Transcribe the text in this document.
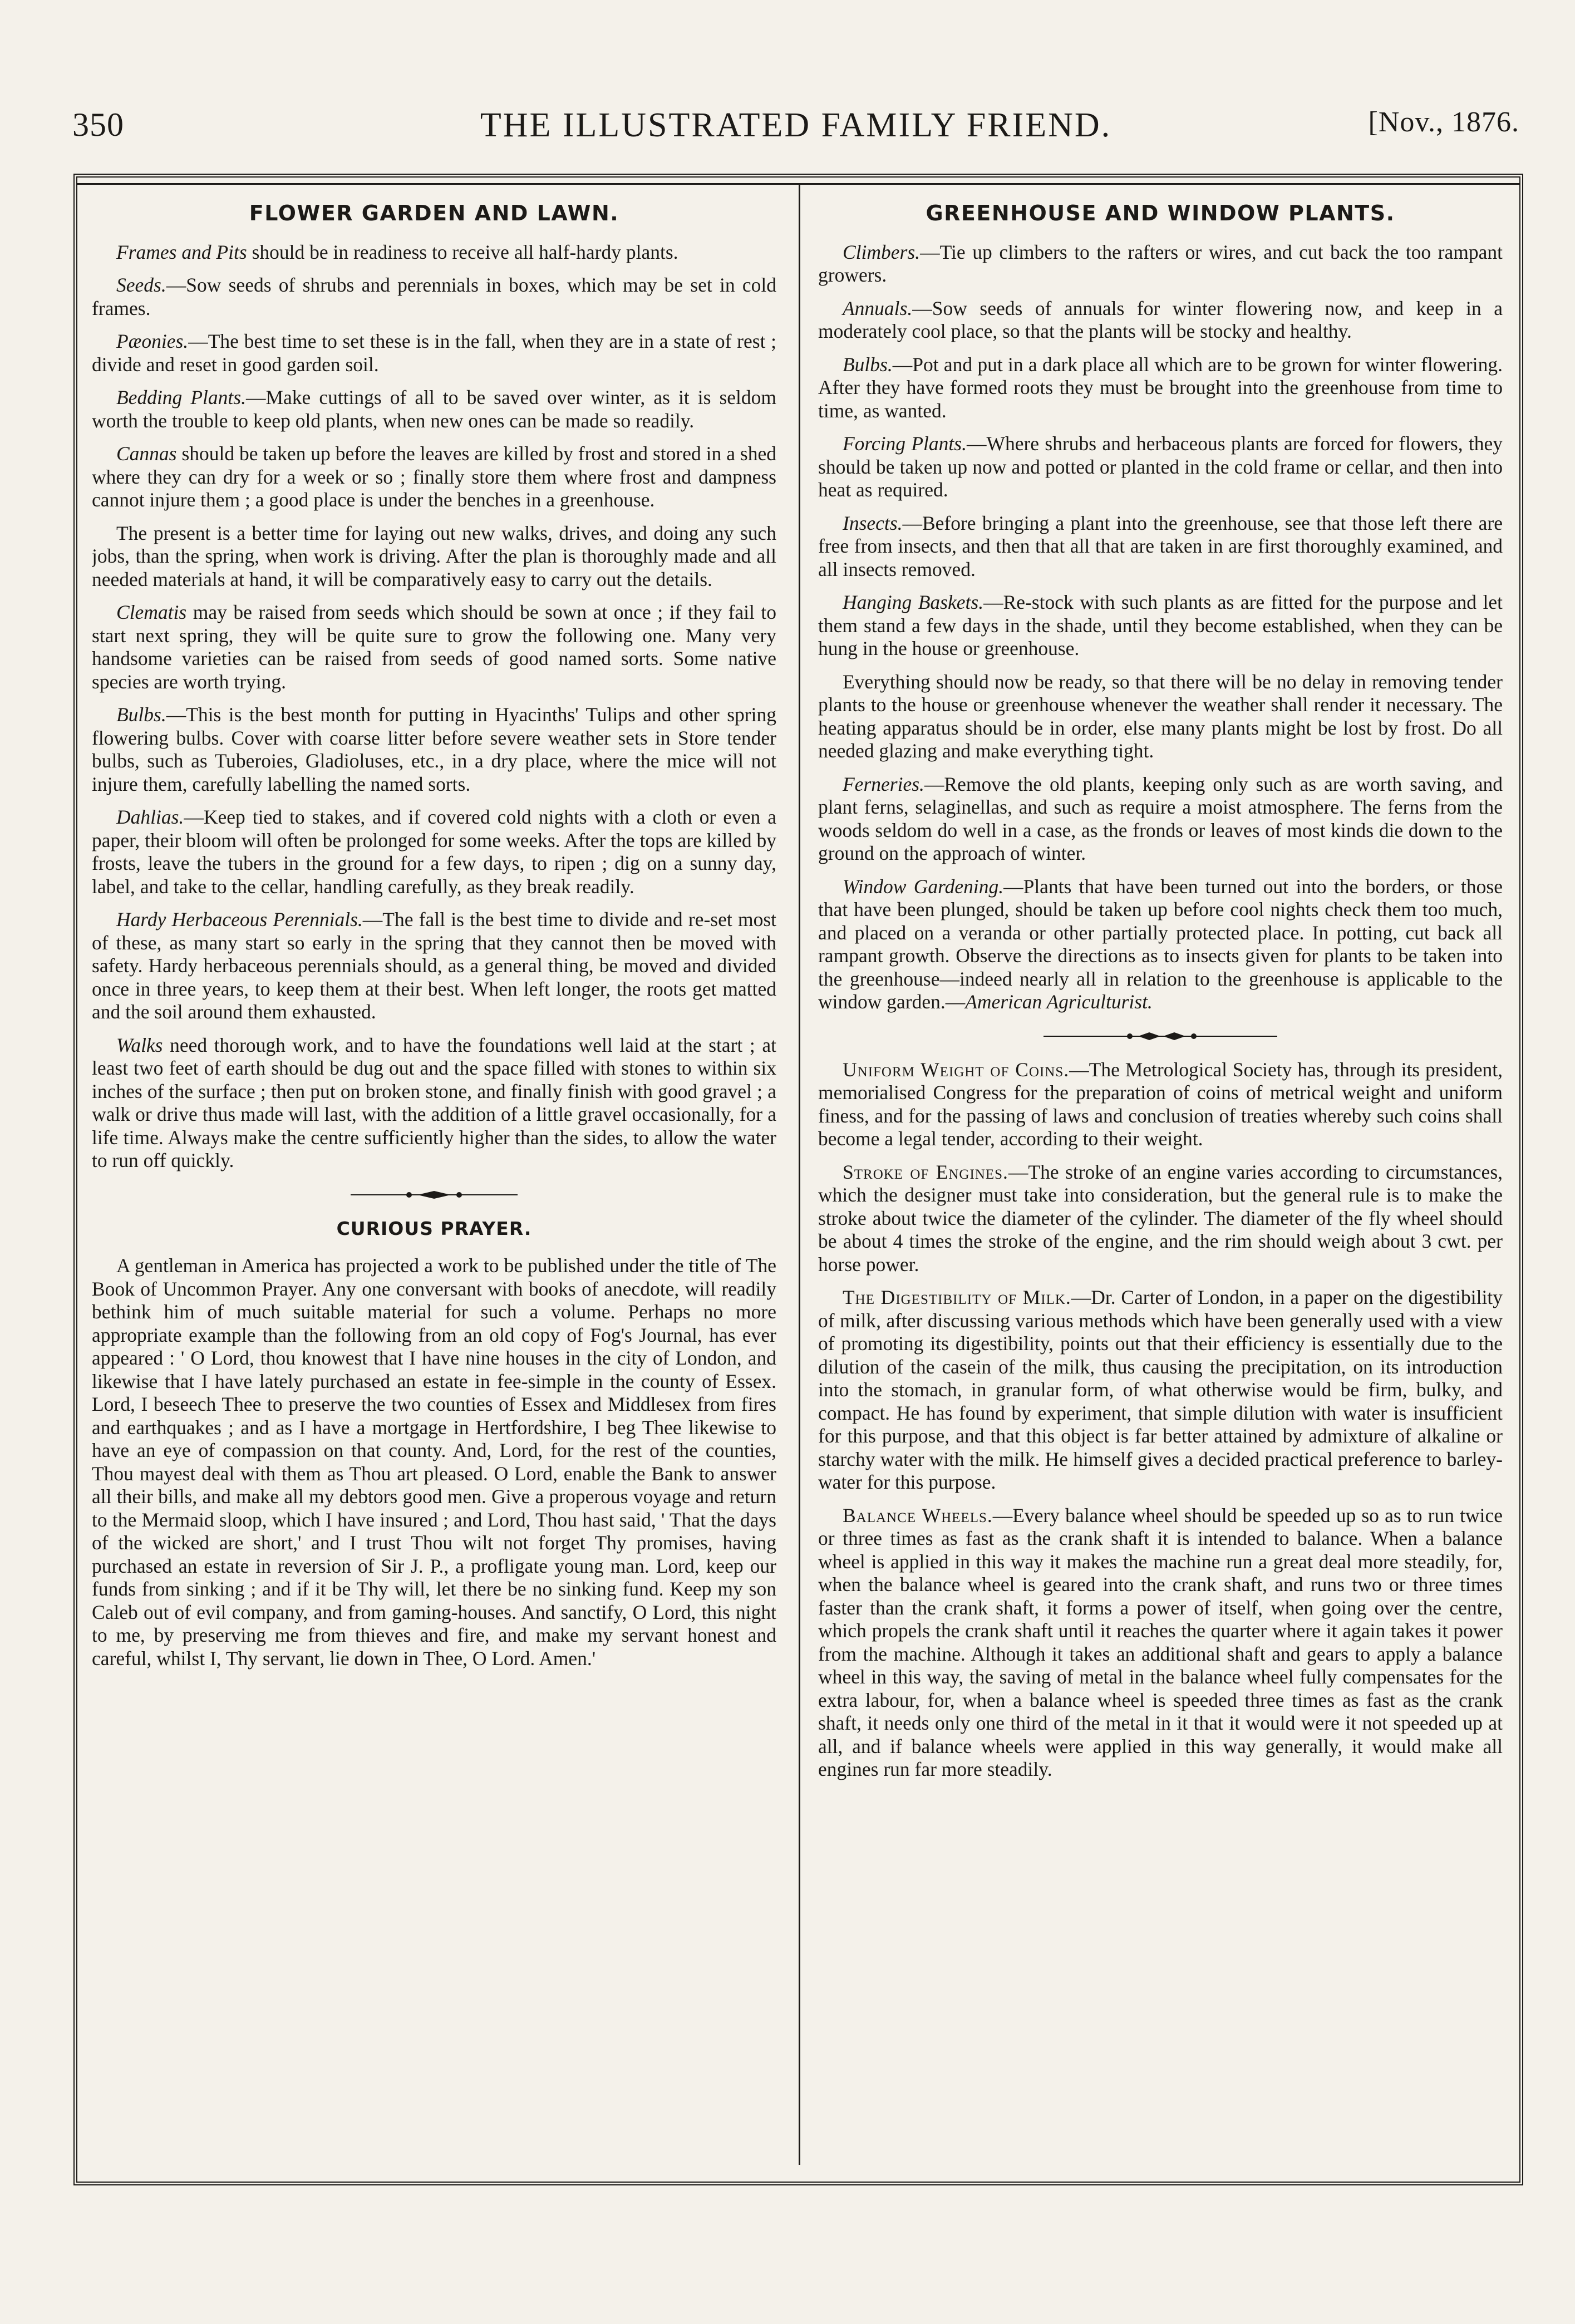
350	THE ILLUSTRATED FAMILY FRIEND.	[Nov., 1876.
FLOWER GARDEN AND LAWN.

Frames and Pits should be in readiness to receive all half-hardy plants.

Seeds.—Sow seeds of shrubs and perennials in boxes, which may be set in cold frames.

Pæonies.—The best time to set these is in the fall, when they are in a state of rest ; divide and reset in good garden soil.

Bedding Plants.—Make cuttings of all to be saved over winter, as it is seldom worth the trouble to keep old plants, when new ones can be made so readily.

Cannas should be taken up before the leaves are killed by frost and stored in a shed where they can dry for a week or so ; finally store them where frost and dampness cannot injure them ; a good place is under the benches in a greenhouse.

The present is a better time for laying out new walks, drives, and doing any such jobs, than the spring, when work is driving. After the plan is thoroughly made and all needed materials at hand, it will be comparatively easy to carry out the details.

Clematis may be raised from seeds which should be sown at once ; if they fail to start next spring, they will be quite sure to grow the following one. Many very handsome varieties can be raised from seeds of good named sorts. Some native species are worth trying.

Bulbs.—This is the best month for putting in Hyacinths' Tulips and other spring flowering bulbs. Cover with coarse litter before severe weather sets in Store tender bulbs, such as Tuberoies, Gladioluses, etc., in a dry place, where the mice will not injure them, carefully labelling the named sorts.

Dahlias.—Keep tied to stakes, and if covered cold nights with a cloth or even a paper, their bloom will often be prolonged for some weeks. After the tops are killed by frosts, leave the tubers in the ground for a few days, to ripen ; dig on a sunny day, label, and take to the cellar, handling carefully, as they break readily.

Hardy Herbaceous Perennials.—The fall is the best time to divide and re-set most of these, as many start so early in the spring that they cannot then be moved with safety. Hardy herbaceous perennials should, as a general thing, be moved and divided once in three years, to keep them at their best. When left longer, the roots get matted and the soil around them exhausted.

Walks need thorough work, and to have the foundations well laid at the start ; at least two feet of earth should be dug out and the space filled with stones to within six inches of the surface ; then put on broken stone, and finally finish with good gravel ; a walk or drive thus made will last, with the addition of a little gravel occasionally, for a life time. Always make the centre sufficiently higher than the sides, to allow the water to run off quickly.

CURIOUS PRAYER.

A gentleman in America has projected a work to be published under the title of The Book of Uncommon Prayer. Any one conversant with books of anecdote, will readily bethink him of much suitable material for such a volume. Perhaps no more appropriate example than the following from an old copy of Fog's Journal, has ever appeared : ' O Lord, thou knowest that I have nine houses in the city of London, and likewise that I have lately purchased an estate in fee-simple in the county of Essex. Lord, I beseech Thee to preserve the two counties of Essex and Middlesex from fires and earthquakes ; and as I have a mortgage in Hertfordshire, I beg Thee likewise to have an eye of compassion on that county. And, Lord, for the rest of the counties, Thou mayest deal with them as Thou art pleased. O Lord, enable the Bank to answer all their bills, and make all my debtors good men. Give a properous voyage and return to the Mermaid sloop, which I have insured ; and Lord, Thou hast said, ' That the days of the wicked are short,' and I trust Thou wilt not forget Thy promises, having purchased an estate in reversion of Sir J. P., a profligate young man. Lord, keep our funds from sinking ; and if it be Thy will, let there be no sinking fund. Keep my son Caleb out of evil company, and from gaming-houses. And sanctify, O Lord, this night to me, by preserving me from thieves and fire, and make my servant honest and careful, whilst I, Thy servant, lie down in Thee, O Lord. Amen.'

GREENHOUSE AND WINDOW PLANTS.

Climbers.—Tie up climbers to the rafters or wires, and cut back the too rampant growers.

Annuals.—Sow seeds of annuals for winter flowering now, and keep in a moderately cool place, so that the plants will be stocky and healthy.

Bulbs.—Pot and put in a dark place all which are to be grown for winter flowering. After they have formed roots they must be brought into the greenhouse from time to time, as wanted.

Forcing Plants.—Where shrubs and herbaceous plants are forced for flowers, they should be taken up now and potted or planted in the cold frame or cellar, and then into heat as required.

Insects.—Before bringing a plant into the greenhouse, see that those left there are free from insects, and then that all that are taken in are first thoroughly examined, and all insects removed.

Hanging Baskets.—Re-stock with such plants as are fitted for the purpose and let them stand a few days in the shade, until they become established, when they can be hung in the house or greenhouse.

Everything should now be ready, so that there will be no delay in removing tender plants to the house or greenhouse whenever the weather shall render it necessary. The heating apparatus should be in order, else many plants might be lost by frost. Do all needed glazing and make everything tight.

Ferneries.—Remove the old plants, keeping only such as are worth saving, and plant ferns, selaginellas, and such as require a moist atmosphere. The ferns from the woods seldom do well in a case, as the fronds or leaves of most kinds die down to the ground on the approach of winter.

Window Gardening.—Plants that have been turned out into the borders, or those that have been plunged, should be taken up before cool nights check them too much, and placed on a veranda or other partially protected place. In potting, cut back all rampant growth. Observe the directions as to insects given for plants to be taken into the greenhouse—indeed nearly all in relation to the greenhouse is applicable to the window garden.—American Agriculturist.

Uniform Weight of Coins.—The Metrological Society has, through its president, memorialised Congress for the preparation of coins of metrical weight and uniform finess, and for the passing of laws and conclusion of treaties whereby such coins shall become a legal tender, according to their weight.

Stroke of Engines.—The stroke of an engine varies according to circumstances, which the designer must take into consideration, but the general rule is to make the stroke about twice the diameter of the cylinder. The diameter of the fly wheel should be about 4 times the stroke of the engine, and the rim should weigh about 3 cwt. per horse power.

The Digestibility of Milk.—Dr. Carter of London, in a paper on the digestibility of milk, after discussing various methods which have been generally used with a view of promoting its digestibility, points out that their efficiency is essentially due to the dilution of the casein of the milk, thus causing the precipitation, on its introduction into the stomach, in granular form, of what otherwise would be firm, bulky, and compact. He has found by experiment, that simple dilution with water is insufficient for this purpose, and that this object is far better attained by admixture of alkaline or starchy water with the milk. He himself gives a decided practical preference to barley-water for this purpose.

Balance Wheels.—Every balance wheel should be speeded up so as to run twice or three times as fast as the crank shaft it is intended to balance. When a balance wheel is applied in this way it makes the machine run a great deal more steadily, for, when the balance wheel is geared into the crank shaft, and runs two or three times faster than the crank shaft, it forms a power of itself, when going over the centre, which propels the crank shaft until it reaches the quarter where it again takes it power from the machine. Although it takes an additional shaft and gears to apply a balance wheel in this way, the saving of metal in the balance wheel fully compensates for the extra labour, for, when a balance wheel is speeded three times as fast as the crank shaft, it needs only one third of the metal in it that it would were it not speeded up at all, and if balance wheels were applied in this way generally, it would make all engines run far more steadily.
